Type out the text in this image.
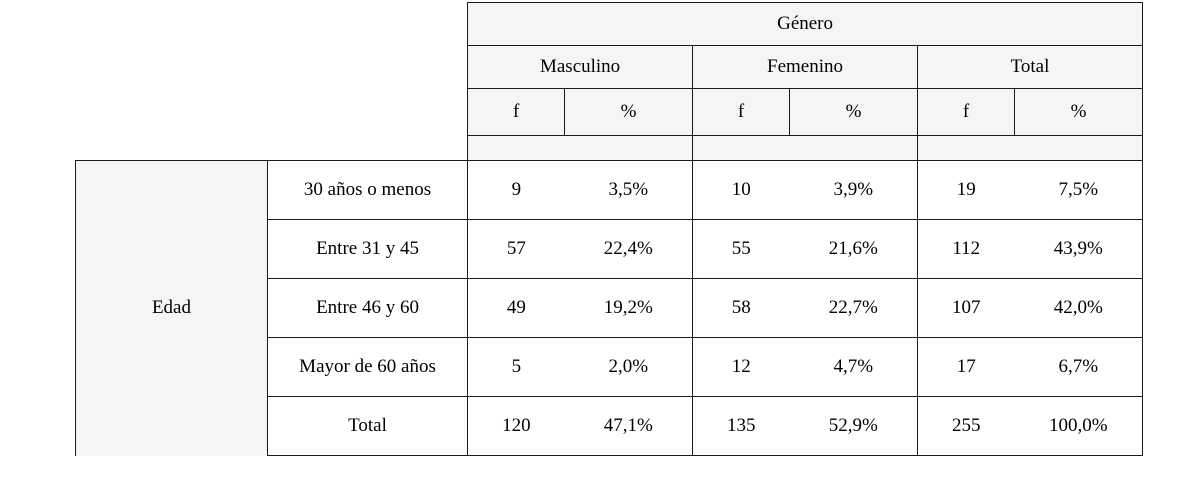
		Género					
		Masculino		Femenino		Total	
		f	%	f	%	f	%

Edad	30 años o menos	9	3,5%	10	3,9%	19	7,5%
	Entre 31 y 45	57	22,4%	55	21,6%	112	43,9%
	Entre 46 y 60	49	19,2%	58	22,7%	107	42,0%
	Mayor de 60 años	5	2,0%	12	4,7%	17	6,7%
	Total	120	47,1%	135	52,9%	255	100,0%
